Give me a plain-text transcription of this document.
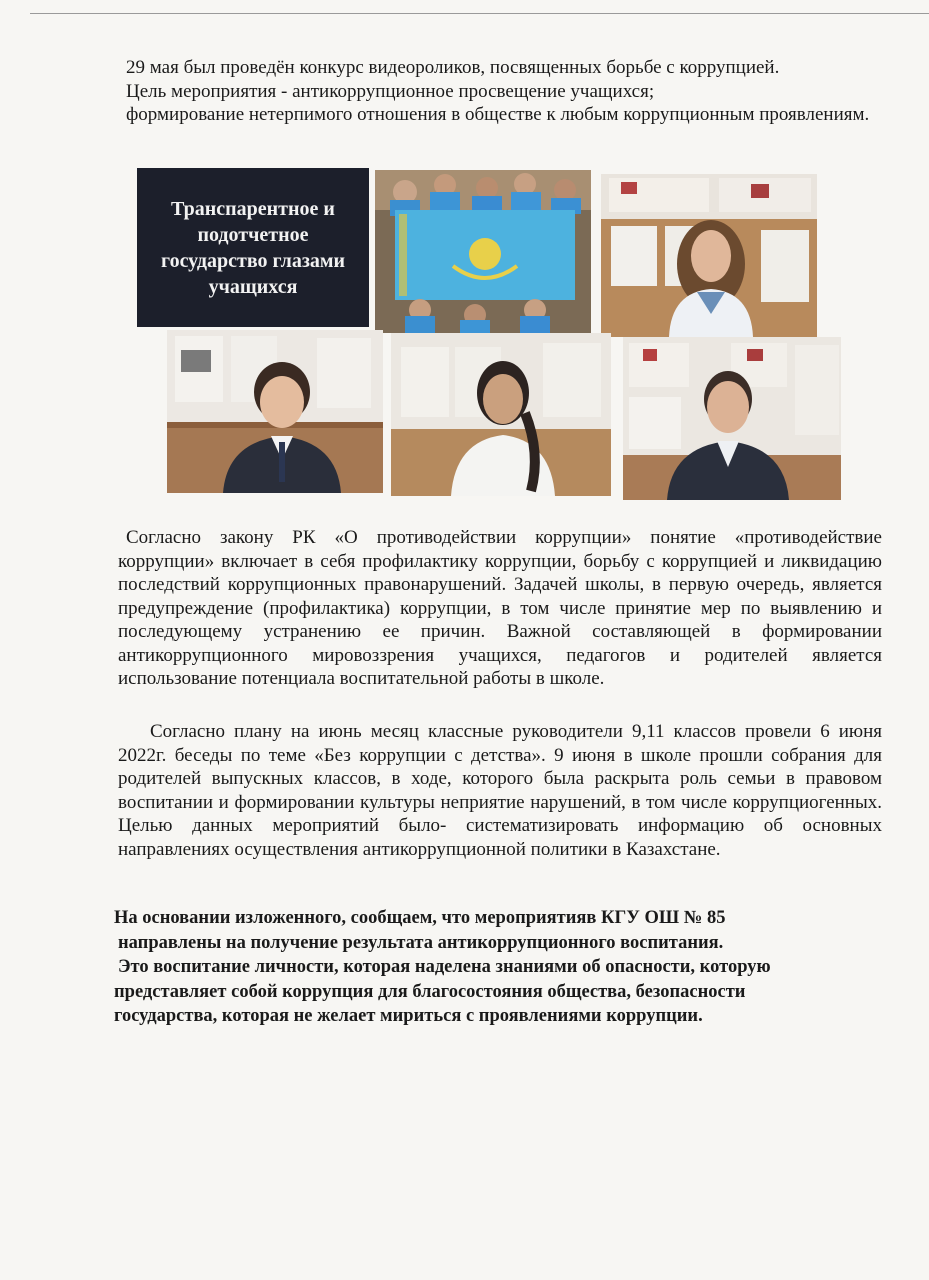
29 мая был проведён конкурс видеороликов, посвященных борьбе с коррупцией.
Цель мероприятия - антикоррупционное просвещение учащихся;
формирование нетерпимого отношения в обществе к любым коррупционным проявлениям.
Транспарентное и
подотчетное
государство глазами
учащихся

Согласно закону РК «О противодействии коррупции» понятие «противодействие коррупции» включает в себя профилактику коррупции, борьбу с коррупцией и ликвидацию последствий коррупционных правонарушений. Задачей школы, в первую очередь, является предупреждение (профилактика) коррупции, в том числе принятие мер по выявлению и последующему устранению ее причин. Важной составляющей в формировании антикоррупционного мировоззрения учащихся, педагогов и родителей является использование потенциала воспитательной работы в школе.

Согласно плану на июнь месяц классные руководители 9,11 классов провели 6 июня 2022г. беседы по теме «Без коррупции с детства». 9 июня в школе прошли собрания для родителей выпускных классов, в ходе, которого была раскрыта роль семьи в правовом воспитании и формировании культуры неприятие нарушений, в том числе коррупциогенных. Целью данных мероприятий было- систематизировать информацию об основных направлениях осуществления антикоррупционной политики в Казахстане.

На основании изложенного, сообщаем, что мероприятияв КГУ ОШ № 85
направлены на получение результата антикоррупционного воспитания.
Это воспитание личности, которая наделена знаниями об опасности, которую
представляет собой коррупция для благосостояния общества, безопасности
государства, которая не желает мириться с проявлениями коррупции.
